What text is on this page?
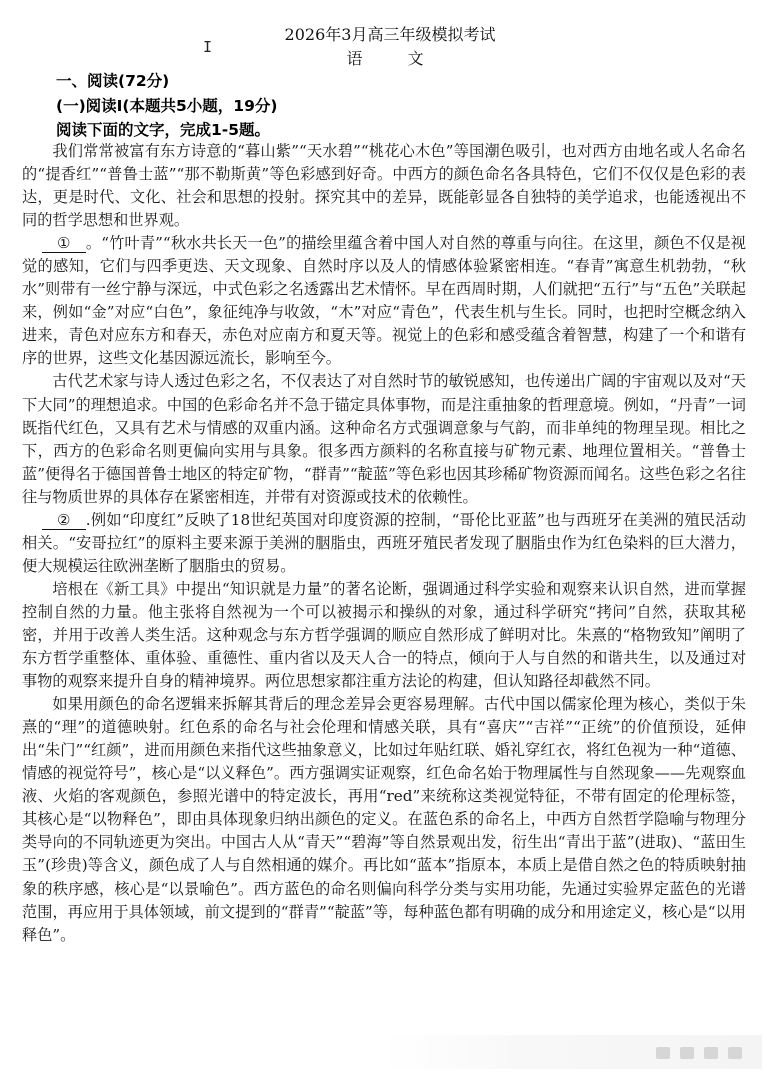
I
2026年3月高三年级模拟考试
语 文
一、阅读(72分)
(一)阅读I(本题共5小题，19分)
阅读下面的文字，完成1-5题。

我们常常被富有东方诗意的“暮山紫”“天水碧”“桃花心木色”等国潮色吸引，也对西方由地名或人名命名的“提香红”“普鲁士蓝”“那不勒斯黄”等色彩感到好奇。中西方的颜色命名各具特色，它们不仅仅是色彩的表达，更是时代、文化、社会和思想的投射。探究其中的差异，既能彰显各自独特的美学追求，也能透视出不同的哲学思想和世界观。

① 。“竹叶青”“秋水共长天一色”的描绘里蕴含着中国人对自然的尊重与向往。在这里，颜色不仅是视觉的感知，它们与四季更迭、天文现象、自然时序以及人的情感体验紧密相连。“春青”寓意生机勃勃，“秋水”则带有一丝宁静与深远，中式色彩之名透露出艺术情怀。早在西周时期，人们就把“五行”与“五色”关联起来，例如“金”对应“白色”，象征纯净与收敛，“木”对应“青色”，代表生机与生长。同时，也把时空概念纳入进来，青色对应东方和春天，赤色对应南方和夏天等。视觉上的色彩和感受蕴含着智慧，构建了一个和谐有序的世界，这些文化基因源远流长，影响至今。

古代艺术家与诗人透过色彩之名，不仅表达了对自然时节的敏锐感知，也传递出广阔的宇宙观以及对“天下大同”的理想追求。中国的色彩命名并不急于锚定具体事物，而是注重抽象的哲理意境。例如，“丹青”一词既指代红色，又具有艺术与情感的双重内涵。这种命名方式强调意象与气韵，而非单纯的物理呈现。相比之下，西方的色彩命名则更偏向实用与具象。很多西方颜料的名称直接与矿物元素、地理位置相关。“普鲁士蓝”便得名于德国普鲁士地区的特定矿物，“群青”“靛蓝”等色彩也因其珍稀矿物资源而闻名。这些色彩之名往往与物质世界的具体存在紧密相连，并带有对资源或技术的依赖性。

② .例如“印度红”反映了18世纪英国对印度资源的控制，“哥伦比亚蓝”也与西班牙在美洲的殖民活动相关。“安哥拉红”的原料主要来源于美洲的胭脂虫，西班牙殖民者发现了胭脂虫作为红色染料的巨大潜力，便大规模运往欧洲垄断了胭脂虫的贸易。

培根在《新工具》中提出“知识就是力量”的著名论断，强调通过科学实验和观察来认识自然，进而掌握控制自然的力量。他主张将自然视为一个可以被揭示和操纵的对象，通过科学研究“拷问”自然，获取其秘密，并用于改善人类生活。这种观念与东方哲学强调的顺应自然形成了鲜明对比。朱熹的“格物致知”阐明了东方哲学重整体、重体验、重德性、重内省以及天人合一的特点，倾向于人与自然的和谐共生，以及通过对事物的观察来提升自身的精神境界。两位思想家都注重方法论的构建，但认知路径却截然不同。

如果用颜色的命名逻辑来拆解其背后的理念差异会更容易理解。古代中国以儒家伦理为核心，类似于朱熹的“理”的道德映射。红色系的命名与社会伦理和情感关联，具有“喜庆”“吉祥”“正统”的价值预设，延伸出“朱门”“红颜”，进而用颜色来指代这些抽象意义，比如过年贴红联、婚礼穿红衣，将红色视为一种“道德、情感的视觉符号”，核心是“以义释色”。西方强调实证观察，红色命名始于物理属性与自然现象——先观察血液、火焰的客观颜色，参照光谱中的特定波长，再用“red”来统称这类视觉特征，不带有固定的伦理标签，其核心是“以物释色”，即由具体现象归纳出颜色的定义。在蓝色系的命名上，中西方自然哲学隐喻与物理分类导向的不同轨迹更为突出。中国古人从“青天”“碧海”等自然景观出发，衍生出“青出于蓝”(进取)、“蓝田生玉”(珍贵)等含义，颜色成了人与自然相通的媒介。再比如“蓝本”指原本，本质上是借自然之色的特质映射抽象的秩序感，核心是“以景喻色”。西方蓝色的命名则偏向科学分类与实用功能，先通过实验界定蓝色的光谱范围，再应用于具体领域，前文提到的“群青”“靛蓝”等，每种蓝色都有明确的成分和用途定义，核心是“以用释色”。
